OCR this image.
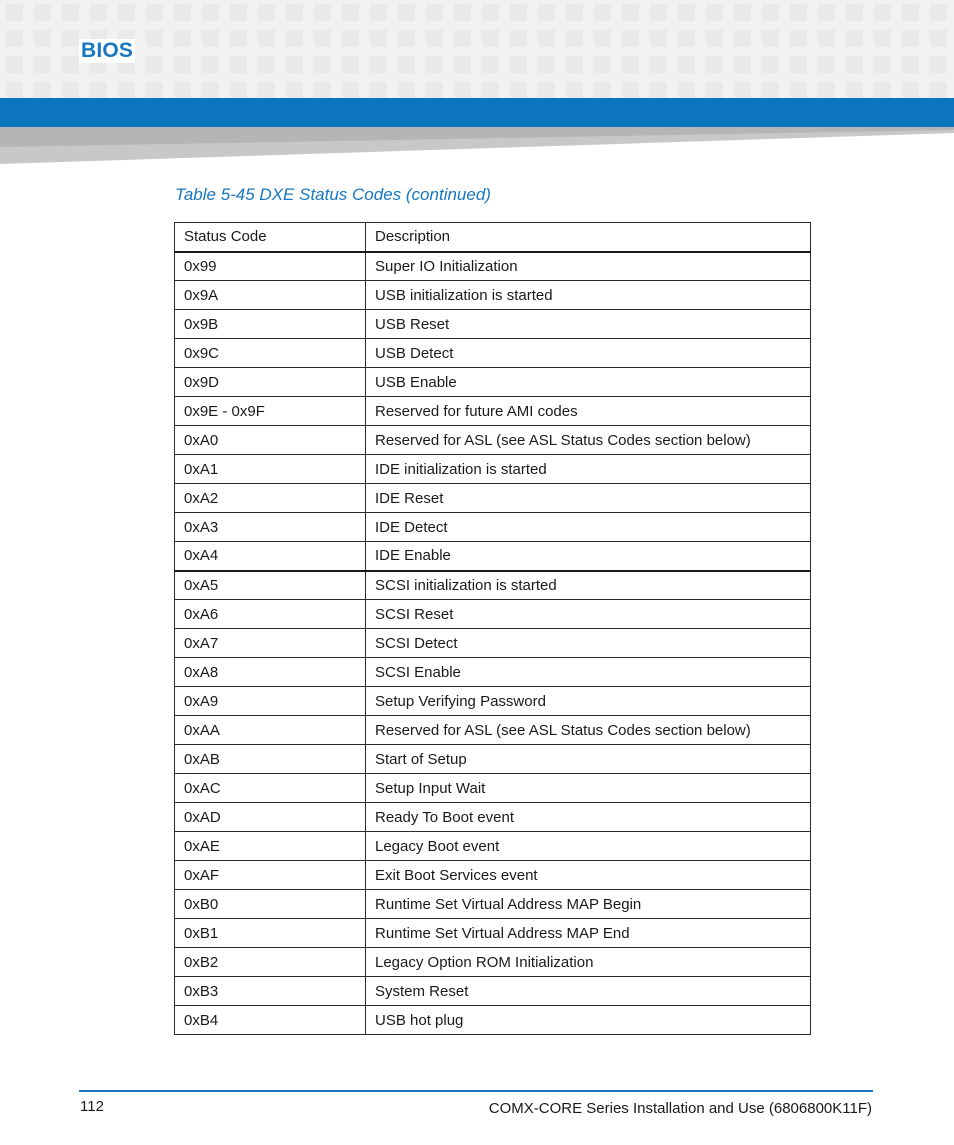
BIOS
Table 5-45 DXE Status Codes (continued)
Status Code	Description
0x99	Super IO Initialization
0x9A	USB initialization is started
0x9B	USB Reset
0x9C	USB Detect
0x9D	USB Enable
0x9E - 0x9F	Reserved for future AMI codes
0xA0	Reserved for ASL (see ASL Status Codes section below)
0xA1	IDE initialization is started
0xA2	IDE Reset
0xA3	IDE Detect
0xA4	IDE Enable
0xA5	SCSI initialization is started
0xA6	SCSI Reset
0xA7	SCSI Detect
0xA8	SCSI Enable
0xA9	Setup Verifying Password
0xAA	Reserved for ASL (see ASL Status Codes section below)
0xAB	Start of Setup
0xAC	Setup Input Wait
0xAD	Ready To Boot event
0xAE	Legacy Boot event
0xAF	Exit Boot Services event
0xB0	Runtime Set Virtual Address MAP Begin
0xB1	Runtime Set Virtual Address MAP End
0xB2	Legacy Option ROM Initialization
0xB3	System Reset
0xB4	USB hot plug
112	COMX-CORE Series Installation and Use (6806800K11F)
